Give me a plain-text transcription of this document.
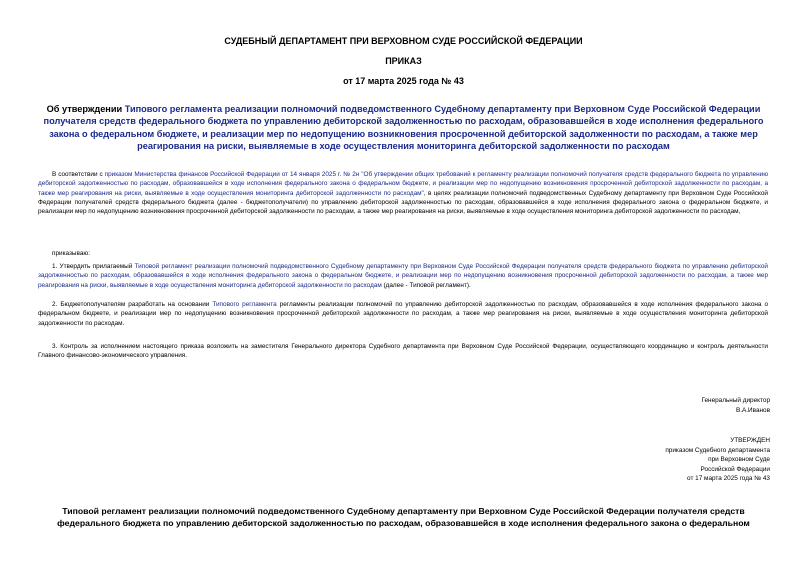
СУДЕБНЫЙ ДЕПАРТАМЕНТ ПРИ ВЕРХОВНОМ СУДЕ РОССИЙСКОЙ ФЕДЕРАЦИИ
ПРИКАЗ
от 17 марта 2025 года № 43
Об утверждении Типового регламента реализации полномочий подведомственного Судебному департаменту при Верховном Суде Российской Федерации получателя средств федерального бюджета по управлению дебиторской задолженностью по расходам, образовавшейся в ходе исполнения федерального закона о федеральном бюджете, и реализации мер по недопущению возникновения просроченной дебиторской задолженности по расходам, а также мер реагирования на риски, выявляемые в ходе осуществления мониторинга дебиторской задолженности по расходам
В соответствии с приказом Министерства финансов Российской Федерации от 14 января 2025 г. № 2н "Об утверждении общих требований к регламенту реализации полномочий получателя средств федерального бюджета по управлению дебиторской задолженностью по расходам, образовавшейся в ходе исполнения федерального закона о федеральном бюджете, и реализации мер по недопущению возникновения просроченной дебиторской задолженности по расходам, а также мер реагирования на риски, выявляемые в ходе осуществления мониторинга дебиторской задолженности по расходам", в целях реализации полномочий подведомственных Судебному департаменту при Верховном Суде Российской Федерации получателей средств федерального бюджета (далее - бюджетополучатели) по управлению дебиторской задолженностью по расходам, образовавшейся в ходе исполнения федерального закона о федеральном бюджете, и реализации мер по недопущению возникновения просроченной дебиторской задолженности по расходам, а также мер реагирования на риски, выявляемые в ходе осуществления мониторинга дебиторской задолженности по расходам,
приказываю:
1. Утвердить прилагаемый Типовой регламент реализации полномочий подведомственного Судебному департаменту при Верховном Суде Российской Федерации получателя средств федерального бюджета по управлению дебиторской задолженностью по расходам, образовавшейся в ходе исполнения федерального закона о федеральном бюджете, и реализации мер по недопущению возникновения просроченной дебиторской задолженности по расходам, а также мер реагирования на риски, выявляемые в ходе осуществления мониторинга дебиторской задолженности по расходам (далее - Типовой регламент).
2. Бюджетополучателям разработать на основании Типового регламента регламенты реализации полномочий по управлению дебиторской задолженностью по расходам, образовавшейся в ходе исполнения федерального закона о федеральном бюджете, и реализации мер по недопущению возникновения просроченной дебиторской задолженности по расходам, а также мер реагирования на риски, выявляемые в ходе осуществления мониторинга дебиторской задолженности по расходам.
3. Контроль за исполнением настоящего приказа возложить на заместителя Генерального директора Судебного департамента при Верховном Суде Российской Федерации, осуществляющего координацию и контроль деятельности Главного финансово-экономического управления.
Генеральный директор
В.А.Иванов
УТВЕРЖДЕН
приказом Судебного департамента
при Верховном Суде
Российской Федерации
от 17 марта 2025 года № 43
Типовой регламент реализации полномочий подведомственного Судебному департаменту при Верховном Суде Российской Федерации получателя средств федерального бюджета по управлению дебиторской задолженностью по расходам, образовавшейся в ходе исполнения федерального закона о федеральном
